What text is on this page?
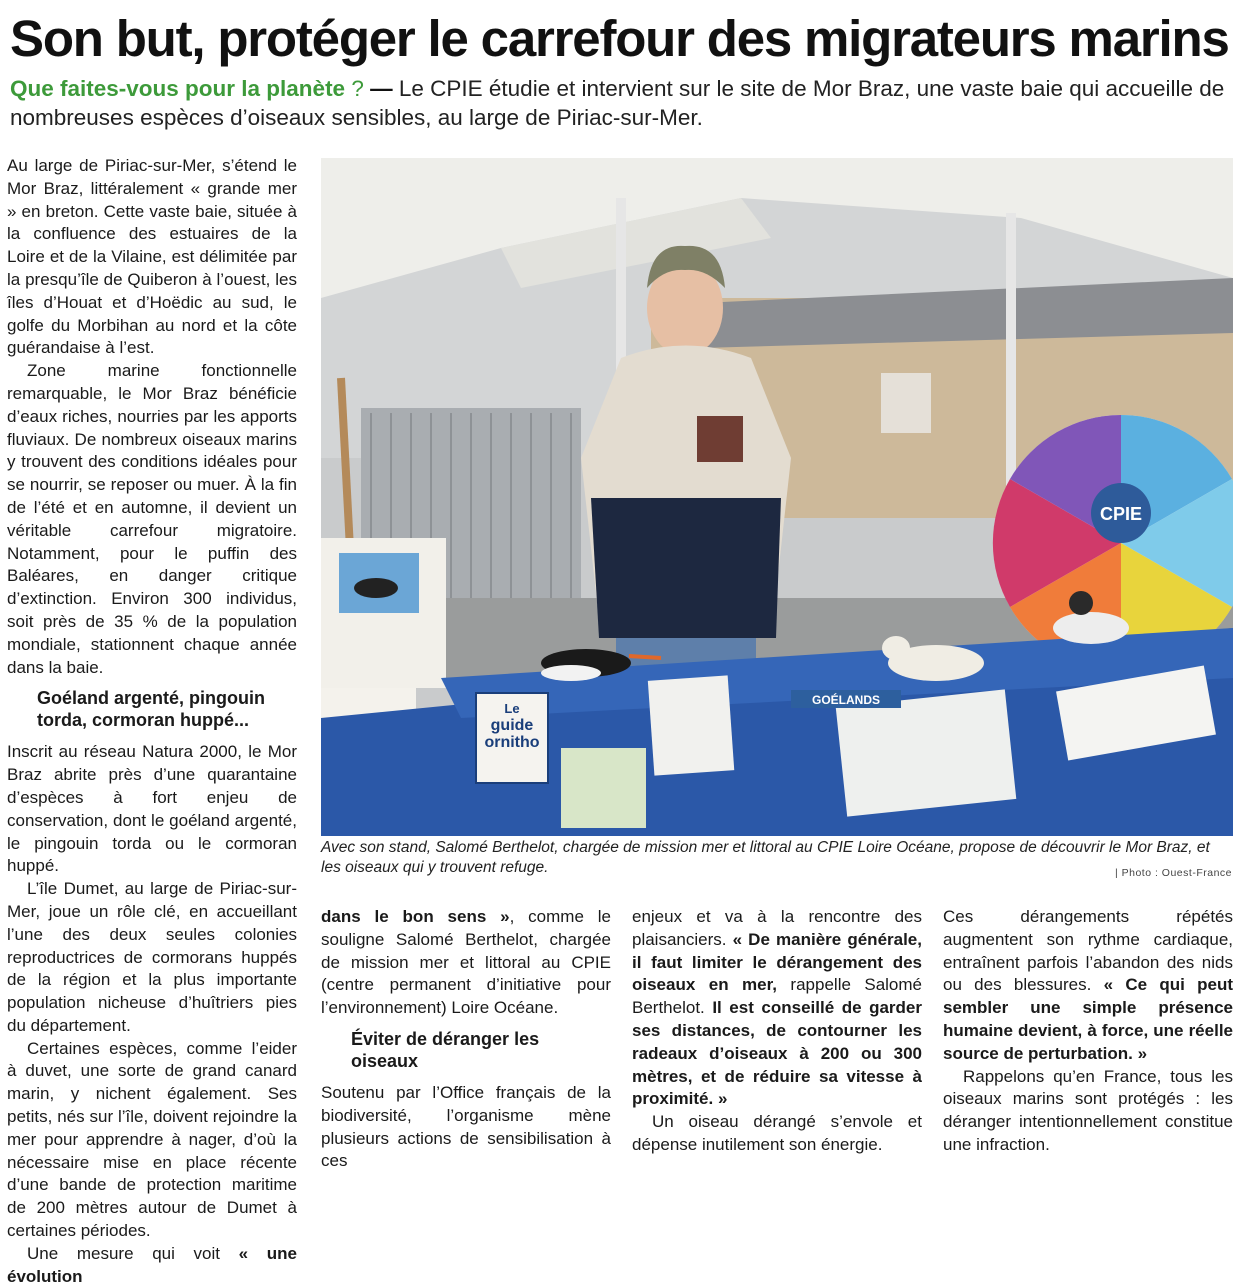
Son but, protéger le carrefour des migrateurs marins
Que faites-vous pour la planète ? — Le CPIE étudie et intervient sur le site de Mor Braz, une vaste baie qui accueille de nombreuses espèces d’oiseaux sensibles, au large de Piriac-sur-Mer.

Au large de Piriac-sur-Mer, s’étend le Mor Braz, littéralement « grande mer » en breton. Cette vaste baie, située à la confluence des estuaires de la Loire et de la Vilaine, est délimitée par la presqu’île de Quiberon à l’ouest, les îles d’Houat et d’Hoëdic au sud, le golfe du Morbihan au nord et la côte guérandaise à l’est.

Zone marine fonctionnelle remarquable, le Mor Braz bénéficie d’eaux riches, nourries par les apports fluviaux. De nombreux oiseaux marins y trouvent des conditions idéales pour se nourrir, se reposer ou muer. À la fin de l’été et en automne, il devient un véritable carrefour migratoire. Notamment, pour le puffin des Baléares, en danger critique d’extinction. Environ 300 individus, soit près de 35 % de la population mondiale, stationnent chaque année dans la baie.

Goéland argenté, pingouin torda, cormoran huppé...

Inscrit au réseau Natura 2000, le Mor Braz abrite près d’une quarantaine d’espèces à fort enjeu de conservation, dont le goéland argenté, le pingouin torda ou le cormoran huppé.

L’île Dumet, au large de Piriac-sur-Mer, joue un rôle clé, en accueillant l’une des deux seules colonies reproductrices de cormorans huppés de la région et la plus importante population nicheuse d’huîtriers pies du département.

Certaines espèces, comme l’eider à duvet, une sorte de grand canard marin, y nichent également. Ses petits, nés sur l’île, doivent rejoindre la mer pour apprendre à nager, d’où la nécessaire mise en place récente d’une bande de protection maritime de 200 mètres autour de Dumet à certaines périodes.

Une mesure qui voit « une évolution

CPIE
Le
guide
ornitho
GOÉLANDS
Avec son stand, Salomé Berthelot, chargée de mission mer et littoral au CPIE Loire Océane, propose de découvrir le Mor Braz, et les oiseaux qui y trouvent refuge.	| Photo : Ouest-France

dans le bon sens », comme le souligne Salomé Berthelot, chargée de mission mer et littoral au CPIE (centre permanent d’initiative pour l’environnement) Loire Océane.

Éviter de déranger les oiseaux

Soutenu par l’Office français de la biodiversité, l’organisme mène plusieurs actions de sensibilisation à ces

enjeux et va à la rencontre des plaisanciers. « De manière générale, il faut limiter le dérangement des oiseaux en mer, rappelle Salomé Berthelot. Il est conseillé de garder ses distances, de contourner les radeaux d’oiseaux à 200 ou 300 mètres, et de réduire sa vitesse à proximité. »

Un oiseau dérangé s’envole et dépense inutilement son énergie.

Ces dérangements répétés augmentent son rythme cardiaque, entraînent parfois l’abandon des nids ou des blessures. « Ce qui peut sembler une simple présence humaine devient, à force, une réelle source de perturbation. »

Rappelons qu’en France, tous les oiseaux marins sont protégés : les déranger intentionnellement constitue une infraction.
